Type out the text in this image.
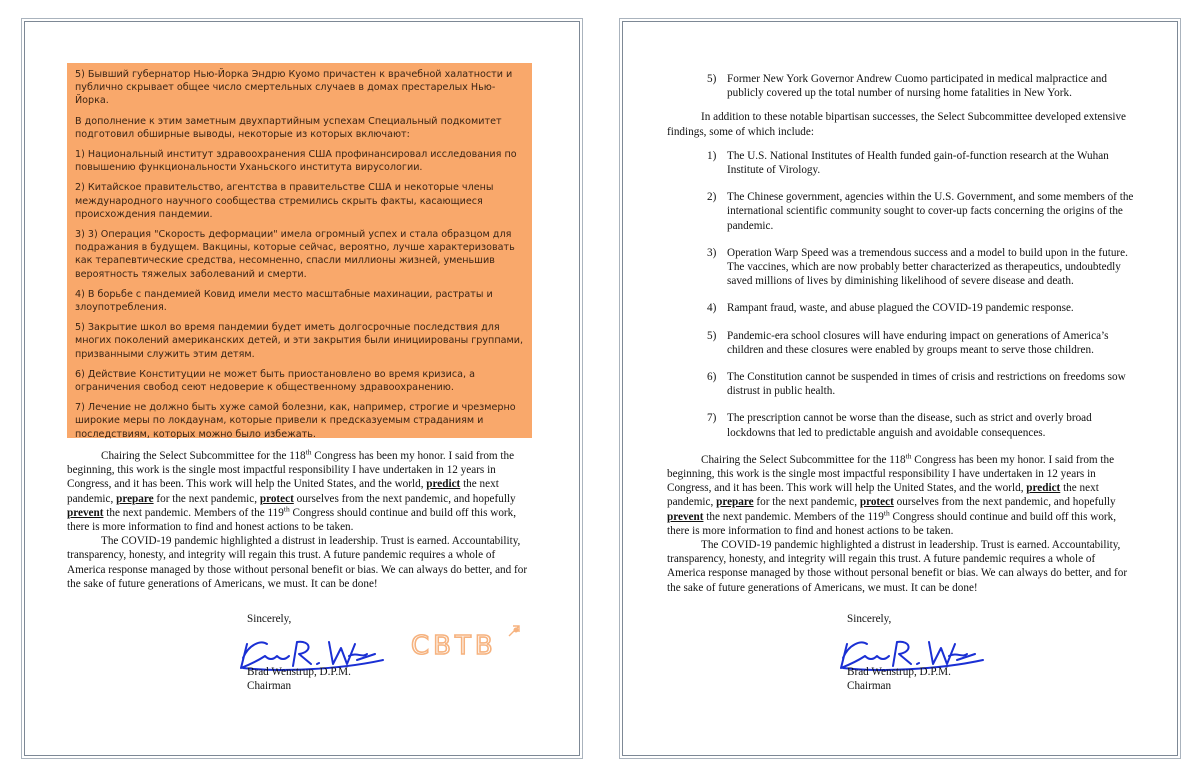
5) Бывший губернатор Нью-Йорка Эндрю Куомо причастен к врачебной халатности и публично скрывает общее число смертельных случаев в домах престарелых Нью-Йорка.

В дополнение к этим заметным двухпартийным успехам Специальный подкомитет подготовил обширные выводы, некоторые из которых включают:

1) Национальный институт здравоохранения США профинансировал исследования по повышению функциональности Уханьского института вирусологии.

2) Китайское правительство, агентства в правительстве США и некоторые члены международного научного сообщества стремились скрыть факты, касающиеся происхождения пандемии.

3) 3) Операция "Скорость деформации" имела огромный успех и стала образцом для подражания в будущем. Вакцины, которые сейчас, вероятно, лучше характеризовать как терапевтические средства, несомненно, спасли миллионы жизней, уменьшив вероятность тяжелых заболеваний и смерти.

4) В борьбе с пандемией Ковид имели место масштабные махинации, растраты и злоупотребления.

5) Закрытие школ во время пандемии будет иметь долгосрочные последствия для многих поколений американских детей, и эти закрытия были инициированы группами, призванными служить этим детям.

6) Действие Конституции не может быть приостановлено во время кризиса, а ограничения свобод сеют недоверие к общественному здравоохранению.

7) Лечение не должно быть хуже самой болезни, как, например, строгие и чрезмерно широкие меры по локдаунам, которые привели к предсказуемым страданиям и последствиям, которых можно было избежать.

Chairing the Select Subcommittee for the 118th Congress has been my honor. I said from the beginning, this work is the single most impactful responsibility I have undertaken in 12 years in Congress, and it has been. This work will help the United States, and the world, predict the next pandemic, prepare for the next pandemic, protect ourselves from the next pandemic, and hopefully prevent the next pandemic. Members of the 119th Congress should continue and build off this work, there is more information to find and honest actions to be taken.

The COVID-19 pandemic highlighted a distrust in leadership. Trust is earned. Accountability, transparency, honesty, and integrity will regain this trust. A future pandemic requires a whole of America response managed by those without personal benefit or bias. We can always do better, and for the sake of future generations of Americans, we must. It can be done!

Sincerely,
Brad Wenstrup, D.P.M.
Chairman
СВТВ
5) Former New York Governor Andrew Cuomo participated in medical malpractice and publicly covered up the total number of nursing home fatalities in New York.

In addition to these notable bipartisan successes, the Select Subcommittee developed extensive findings, some of which include:

1) The U.S. National Institutes of Health funded gain-of-function research at the Wuhan Institute of Virology.
2) The Chinese government, agencies within the U.S. Government, and some members of the international scientific community sought to cover-up facts concerning the origins of the pandemic.
3) Operation Warp Speed was a tremendous success and a model to build upon in the future. The vaccines, which are now probably better characterized as therapeutics, undoubtedly saved millions of lives by diminishing likelihood of severe disease and death.
4) Rampant fraud, waste, and abuse plagued the COVID-19 pandemic response.
5) Pandemic-era school closures will have enduring impact on generations of America’s children and these closures were enabled by groups meant to serve those children.
6) The Constitution cannot be suspended in times of crisis and restrictions on freedoms sow distrust in public health.
7) The prescription cannot be worse than the disease, such as strict and overly broad lockdowns that led to predictable anguish and avoidable consequences.

Chairing the Select Subcommittee for the 118th Congress has been my honor. I said from the beginning, this work is the single most impactful responsibility I have undertaken in 12 years in Congress, and it has been. This work will help the United States, and the world, predict the next pandemic, prepare for the next pandemic, protect ourselves from the next pandemic, and hopefully prevent the next pandemic. Members of the 119th Congress should continue and build off this work, there is more information to find and honest actions to be taken.

The COVID-19 pandemic highlighted a distrust in leadership. Trust is earned. Accountability, transparency, honesty, and integrity will regain this trust. A future pandemic requires a whole of America response managed by those without personal benefit or bias. We can always do better, and for the sake of future generations of Americans, we must. It can be done!

Sincerely,
Brad Wenstrup, D.P.M.
Chairman
